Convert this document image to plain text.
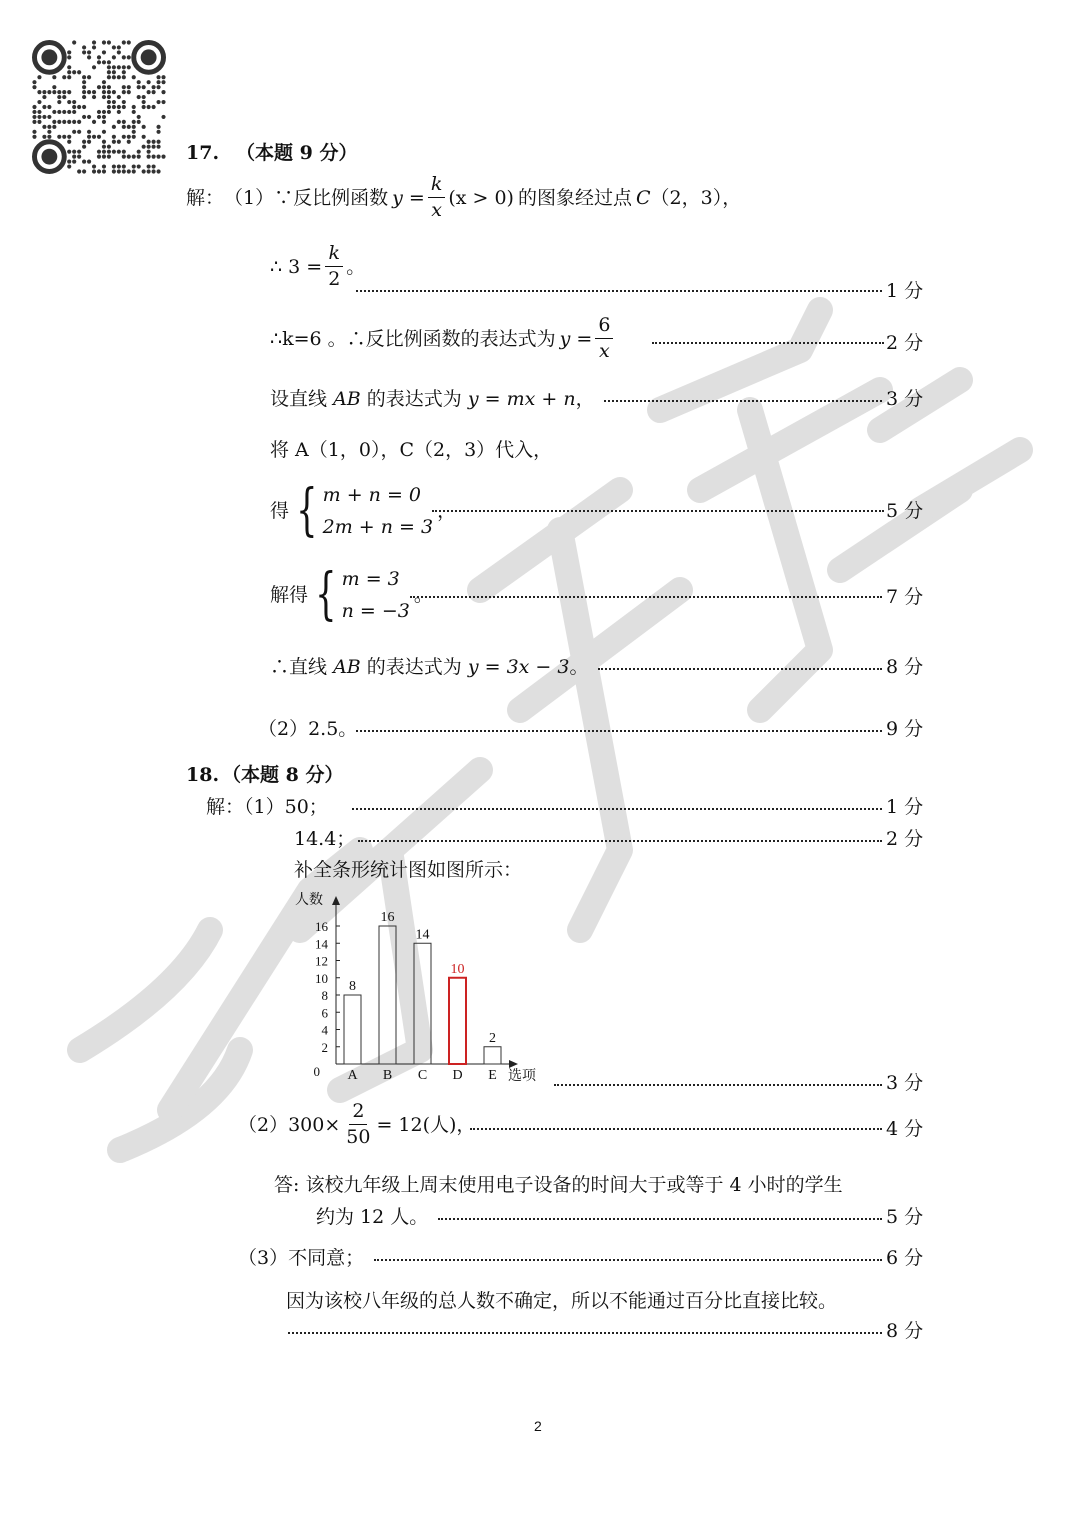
17. （本题 9 分）
解： （1）∵反比例函数 $y = \frac{k}{x} (x > 0)$ 的图象经过点 C （2，3），
∴ $3 = \frac{k}{2}$ 。
1 分
∴k=6 。∴反比例函数的表达式为 $y = \frac{6}{x}$	2 分
设直线 AB 的表达式为 y = mx + n，	3 分
将 A（1，0），C（2，3）代入，
得 { m + n = 0
2m + n = 3
，	5 分
解得 { m = 3
n = −3
。	7 分
∴直线 AB 的表达式为 y = 3x − 3。	8 分
（2）2.5。	9 分
18. （本题 8 分）
解：（1）50；	1 分
14.4；	2 分
补全条形统计图如图所示：
0
2
4
6
8
10
12
14
16
人数
选项
8
A
16
B
14
C
10
D
2
E	3 分
$(2)300\times \frac{2}{50} = 12$(人)，	4 分
答: 该校九年级上周末使用电子设备的时间大于或等于 4 小时的学生
约为 12 人。	5 分
（3）不同意；	6 分
因为该校八年级的总人数不确定，所以不能通过百分比直接比较。
8 分
2
